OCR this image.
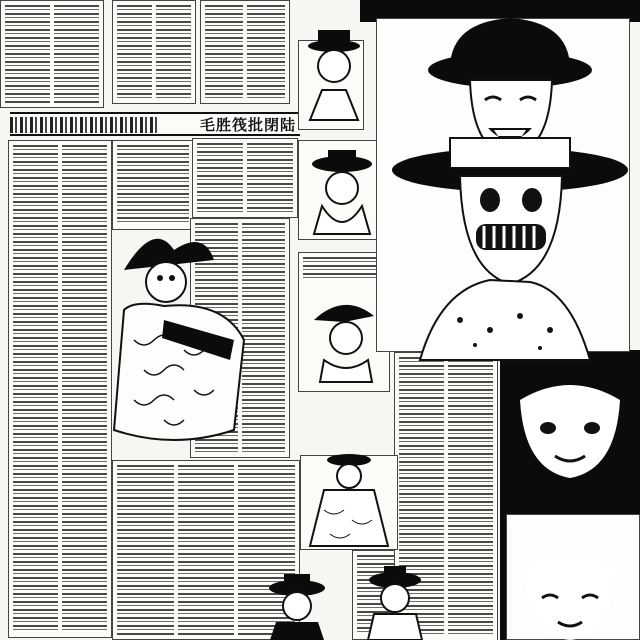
毛胜筏批閉陆
